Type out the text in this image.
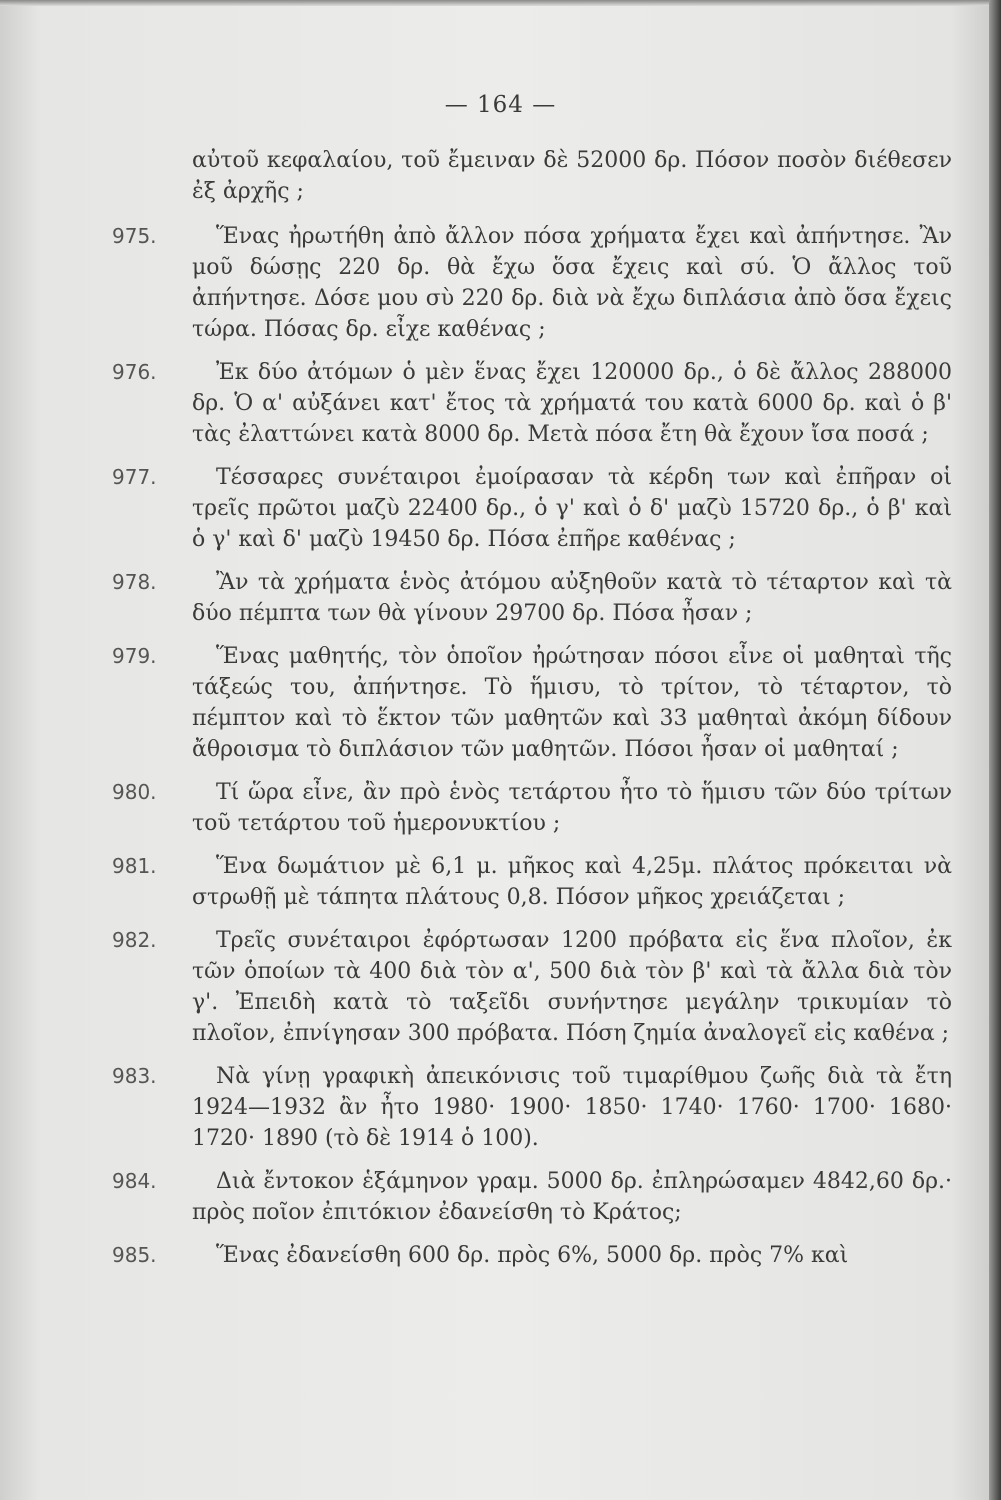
— 164 —

αὐτοῦ κεφαλαίου, τοῦ ἔμειναν δὲ 52000 δρ. Πόσον ποσὸν διέθεσεν ἐξ ἀρχῆς ;

975.	Ἕνας ἠρωτήθη ἀπὸ ἄλλον πόσα χρήματα ἔχει καὶ ἀπήντησε. Ἂν μοῦ δώσῃς 220 δρ. θὰ ἔχω ὅσα ἔχεις καὶ σύ. Ὁ ἄλλος τοῦ ἀπήντησε. Δόσε μου σὺ 220 δρ. διὰ νὰ ἔχω διπλάσια ἀπὸ ὅσα ἔχεις τώρα. Πόσας δρ. εἶχε καθένας ;
976.	Ἐκ δύο ἀτόμων ὁ μὲν ἕνας ἔχει 120000 δρ., ὁ δὲ ἄλλος 288000 δρ. Ὁ α' αὐξάνει κατ' ἔτος τὰ χρήματά του κατὰ 6000 δρ. καὶ ὁ β' τὰς ἐλαττώνει κατὰ 8000 δρ. Μετὰ πόσα ἔτη θὰ ἔχουν ἴσα ποσά ;
977.	Τέσσαρες συνέταιροι ἐμοίρασαν τὰ κέρδη των καὶ ἐπῆραν οἱ τρεῖς πρῶτοι μαζὺ 22400 δρ., ὁ γ' καὶ ὁ δ' μαζὺ 15720 δρ., ὁ β' καὶ ὁ γ' καὶ δ' μαζὺ 19450 δρ. Πόσα ἐπῆρε καθένας ;
978.	Ἂν τὰ χρήματα ἑνὸς ἀτόμου αὐξηθοῦν κατὰ τὸ τέταρτον καὶ τὰ δύο πέμπτα των θὰ γίνουν 29700 δρ. Πόσα ἦσαν ;
979.	Ἕνας μαθητής, τὸν ὁποῖον ἠρώτησαν πόσοι εἶνε οἱ μαθηταὶ τῆς τάξεώς του, ἀπήντησε. Τὸ ἥμισυ, τὸ τρίτον, τὸ τέταρτον, τὸ πέμπτον καὶ τὸ ἕκτον τῶν μαθητῶν καὶ 33 μαθηταὶ ἀκόμη δίδουν ἄθροισμα τὸ διπλάσιον τῶν μαθητῶν. Πόσοι ἦσαν οἱ μαθηταί ;
980.	Τί ὥρα εἶνε, ἂν πρὸ ἑνὸς τετάρτου ἦτο τὸ ἥμισυ τῶν δύο τρίτων τοῦ τετάρτου τοῦ ἡμερονυκτίου ;
981.	Ἕνα δωμάτιον μὲ 6,1 μ. μῆκος καὶ 4,25μ. πλάτος πρόκειται νὰ στρωθῇ μὲ τάπητα πλάτους 0,8. Πόσον μῆκος χρειάζεται ;
982.	Τρεῖς συνέταιροι ἐφόρτωσαν 1200 πρόβατα εἰς ἕνα πλοῖον, ἐκ τῶν ὁποίων τὰ 400 διὰ τὸν α', 500 διὰ τὸν β' καὶ τὰ ἄλλα διὰ τὸν γ'. Ἐπειδὴ κατὰ τὸ ταξεῖδι συνήντησε μεγάλην τρικυμίαν τὸ πλοῖον, ἐπνίγησαν 300 πρόβατα. Πόση ζημία ἀναλογεῖ εἰς καθένα ;
983.	Νὰ γίνῃ γραφικὴ ἀπεικόνισις τοῦ τιμαρίθμου ζωῆς διὰ τὰ ἔτη 1924—1932 ἂν ἦτο 1980· 1900· 1850· 1740· 1760· 1700· 1680· 1720· 1890 (τὸ δὲ 1914 ὁ 100).
984.	Διὰ ἔντοκον ἑξάμηνον γραμ. 5000 δρ. ἐπληρώσαμεν 4842,60 δρ.· πρὸς ποῖον ἐπιτόκιον ἐδανείσθη τὸ Κράτος;
985.	Ἕνας ἐδανείσθη 600 δρ. πρὸς 6%, 5000 δρ. πρὸς 7% καὶ
